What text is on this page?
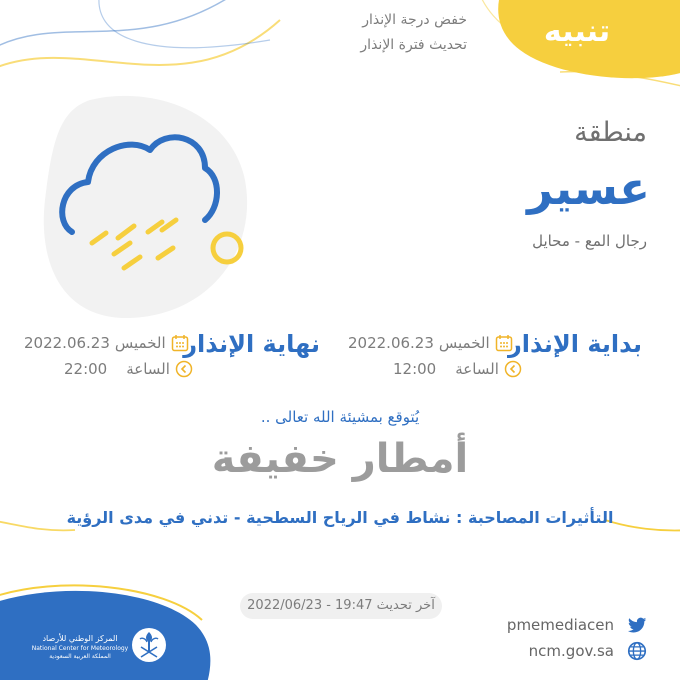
تنبيه
خفض درجة الإنذار
تحديث فترة الإنذار
منطقة
عسير
رجال المع - محايل
بداية الإنذار
2022.06.23 الخميس
12:00 الساعة
نهاية الإنذار
2022.06.23 الخميس
22:00 الساعة
يُتوقع بمشيئة الله تعالى ..
أمطار خفيفة
التأثيرات المصاحبة : نشاط في الرياح السطحية - تدني في مدى الرؤية
آخر تحديث 2022/06/23 - 19:47
pmemediacen
ncm.gov.sa
المركز الوطني للأرصاد
National Center for Meteorology
المملكة العربية السعودية
